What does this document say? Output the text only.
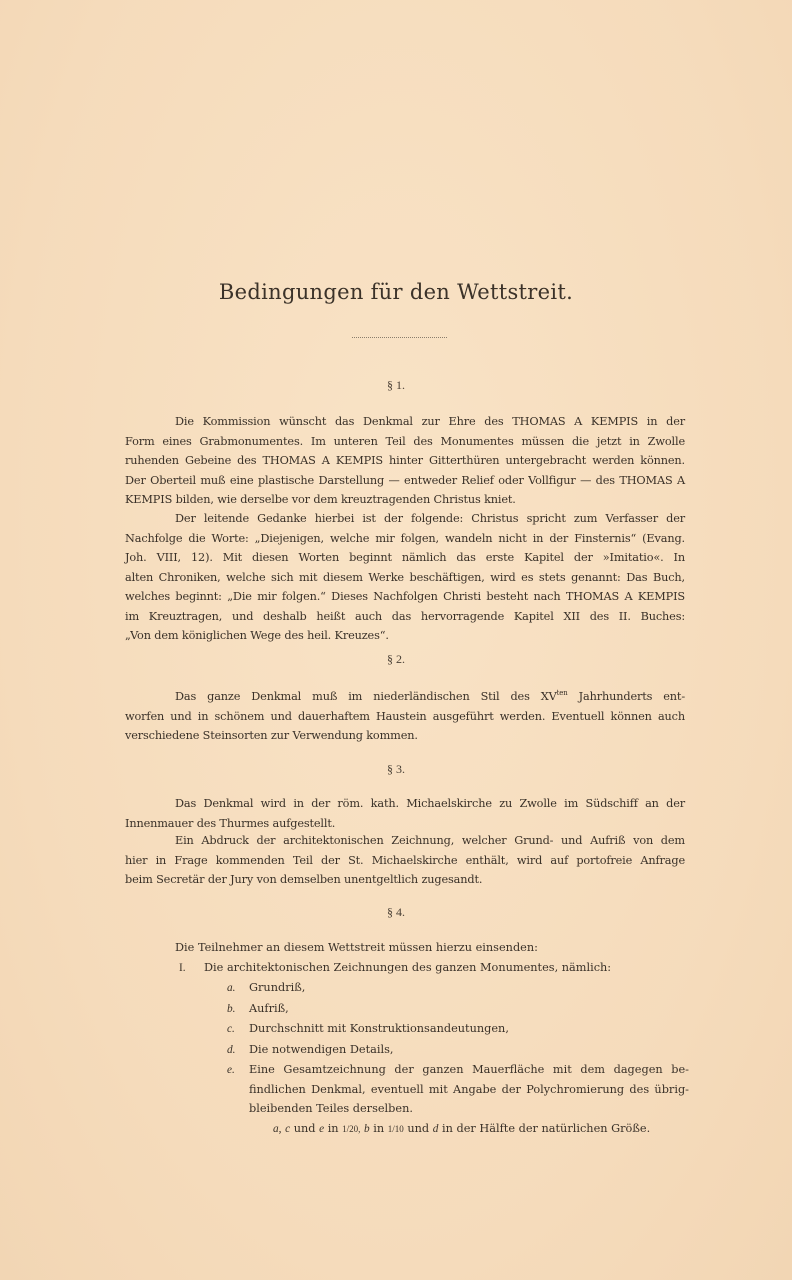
Bedingungen für den Wettstreit.
§ 1.
Die Kommission wünscht das Denkmal zur Ehre des THOMAS A KEMPIS in der
Form eines Grabmonumentes. Im unteren Teil des Monumentes müssen die jetzt in Zwolle
ruhenden Gebeine des THOMAS A KEMPIS hinter Gitterthüren untergebracht werden können.
Der Oberteil muß eine plastische Darstellung — entweder Relief oder Vollfigur — des THOMAS A
KEMPIS bilden, wie derselbe vor dem kreuztragenden Christus kniet.
Der leitende Gedanke hierbei ist der folgende: Christus spricht zum Verfasser der
Nachfolge die Worte: „Diejenigen, welche mir folgen, wandeln nicht in der Finsternis“ (Evang.
Joh. VIII, 12). Mit diesen Worten beginnt nämlich das erste Kapitel der »Imitatio«. In
alten Chroniken, welche sich mit diesem Werke beschäftigen, wird es stets genannt: Das Buch,
welches beginnt: „Die mir folgen.“ Dieses Nachfolgen Christi besteht nach THOMAS A KEMPIS
im Kreuztragen, und deshalb heißt auch das hervorragende Kapitel XII des II. Buches:
„Von dem königlichen Wege des heil. Kreuzes“.
§ 2.
Das ganze Denkmal muß im niederländischen Stil des $XV^{ten}$ Jahrhunderts ent-
worfen und in schönem und dauerhaftem Haustein ausgeführt werden. Eventuell können auch
verschiedene Steinsorten zur Verwendung kommen.
§ 3.
Das Denkmal wird in der röm. kath. Michaelskirche zu Zwolle im Südschiff an der
Innenmauer des Thurmes aufgestellt.
Ein Abdruck der architektonischen Zeichnung, welcher Grund- und Aufriß von dem
hier in Frage kommenden Teil der St. Michaelskirche enthält, wird auf portofreie Anfrage
beim Secretär der Jury von demselben unentgeltlich zugesandt.
§ 4.
Die Teilnehmer an diesem Wettstreit müssen hierzu einsenden:
I. Die architektonischen Zeichnungen des ganzen Monumentes, nämlich:
a. Grundriß,
b. Aufriß,
c. Durchschnitt mit Konstruktionsandeutungen,
d. Die notwendigen Details,
e. Eine Gesamtzeichnung der ganzen Mauerfläche mit dem dagegen be- findlichen Denkmal, eventuell mit Angabe der Polychromierung des übrig- bleibenden Teiles derselben.
a, c und e in 1/20, b in 1/10 und d in der Hälfte der natürlichen Größe.
